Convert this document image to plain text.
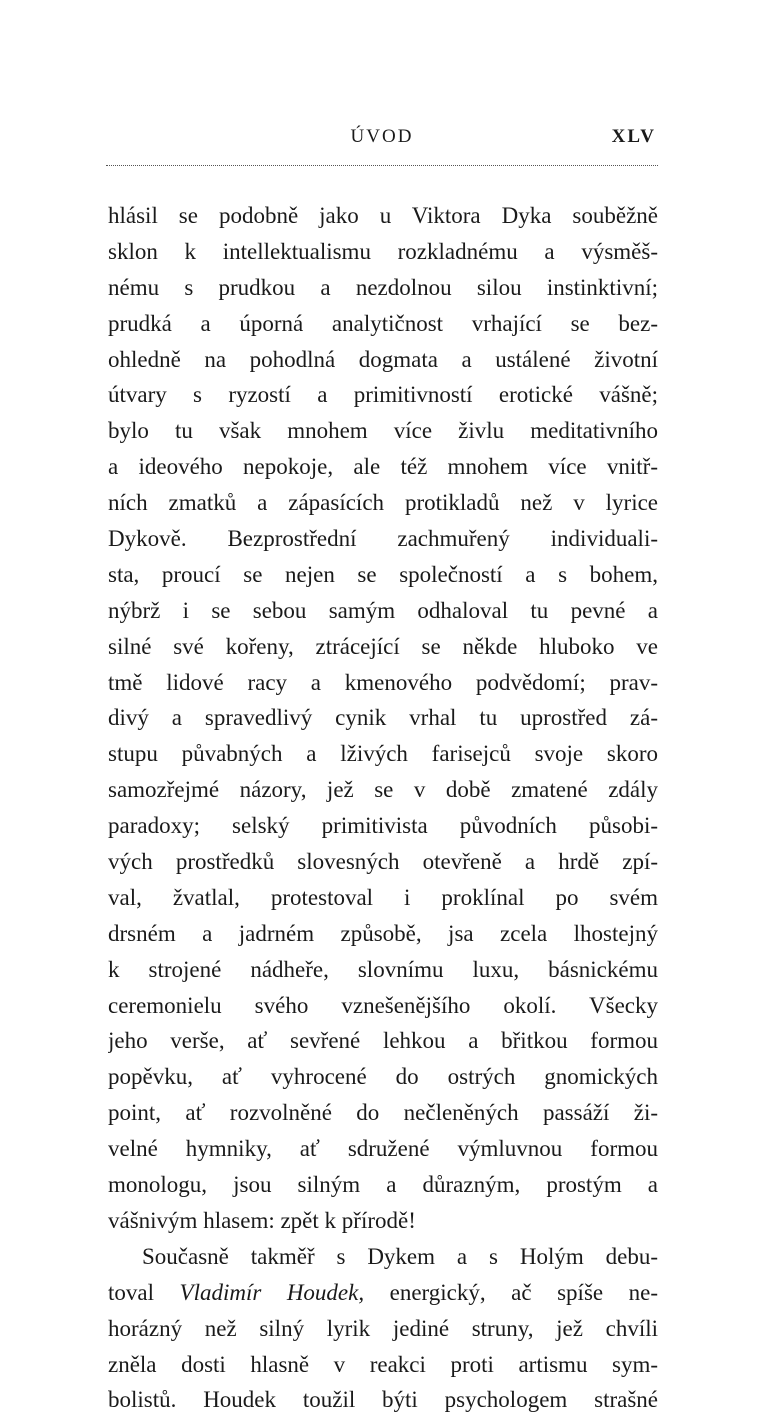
ÚVOD	XLV
hlásil se podobně jako u Viktora Dyka souběžně
sklon k intellektualismu rozkladnému a výsměš-
nému s prudkou a nezdolnou silou instinktivní;
prudká a úporná analytičnost vrhající se bez-
ohledně na pohodlná dogmata a ustálené životní
útvary s ryzostí a primitivností erotické vášně;
bylo tu však mnohem více živlu meditativního
a ideového nepokoje, ale též mnohem více vnitř-
ních zmatků a zápasících protikladů než v lyrice
Dykově. Bezprostřední zachmuřený individuali-
sta, proucí se nejen se společností a s bohem,
nýbrž i se sebou samým odhaloval tu pevné a
silné své kořeny, ztrácející se někde hluboko ve
tmě lidové racy a kmenového podvědomí; prav-
divý a spravedlivý cynik vrhal tu uprostřed zá-
stupu půvabných a lživých farisejců svoje skoro
samozřejmé názory, jež se v době zmatené zdály
paradoxy; selský primitivista původních působi-
vých prostředků slovesných otevřeně a hrdě zpí-
val, žvatlal, protestoval i proklínal po svém
drsném a jadrném způsobě, jsa zcela lhostejný
k strojené nádheře, slovnímu luxu, básnickému
ceremonielu svého vznešenějšího okolí. Všecky
jeho verše, ať sevřené lehkou a břitkou formou
popěvku, ať vyhrocené do ostrých gnomických
point, ať rozvolněné do nečleněných passáží ži-
velné hymniky, ať sdružené výmluvnou formou
monologu, jsou silným a důrazným, prostým a
vášnivým hlasem: zpět k přírodě!
Současně takměř s Dykem a s Holým debu-
toval Vladimír Houdek, energický, ač spíše ne-
horázný než silný lyrik jediné struny, jež chvíli
zněla dosti hlasně v reakci proti artismu sym-
bolistů. Houdek toužil býti psychologem strašné
